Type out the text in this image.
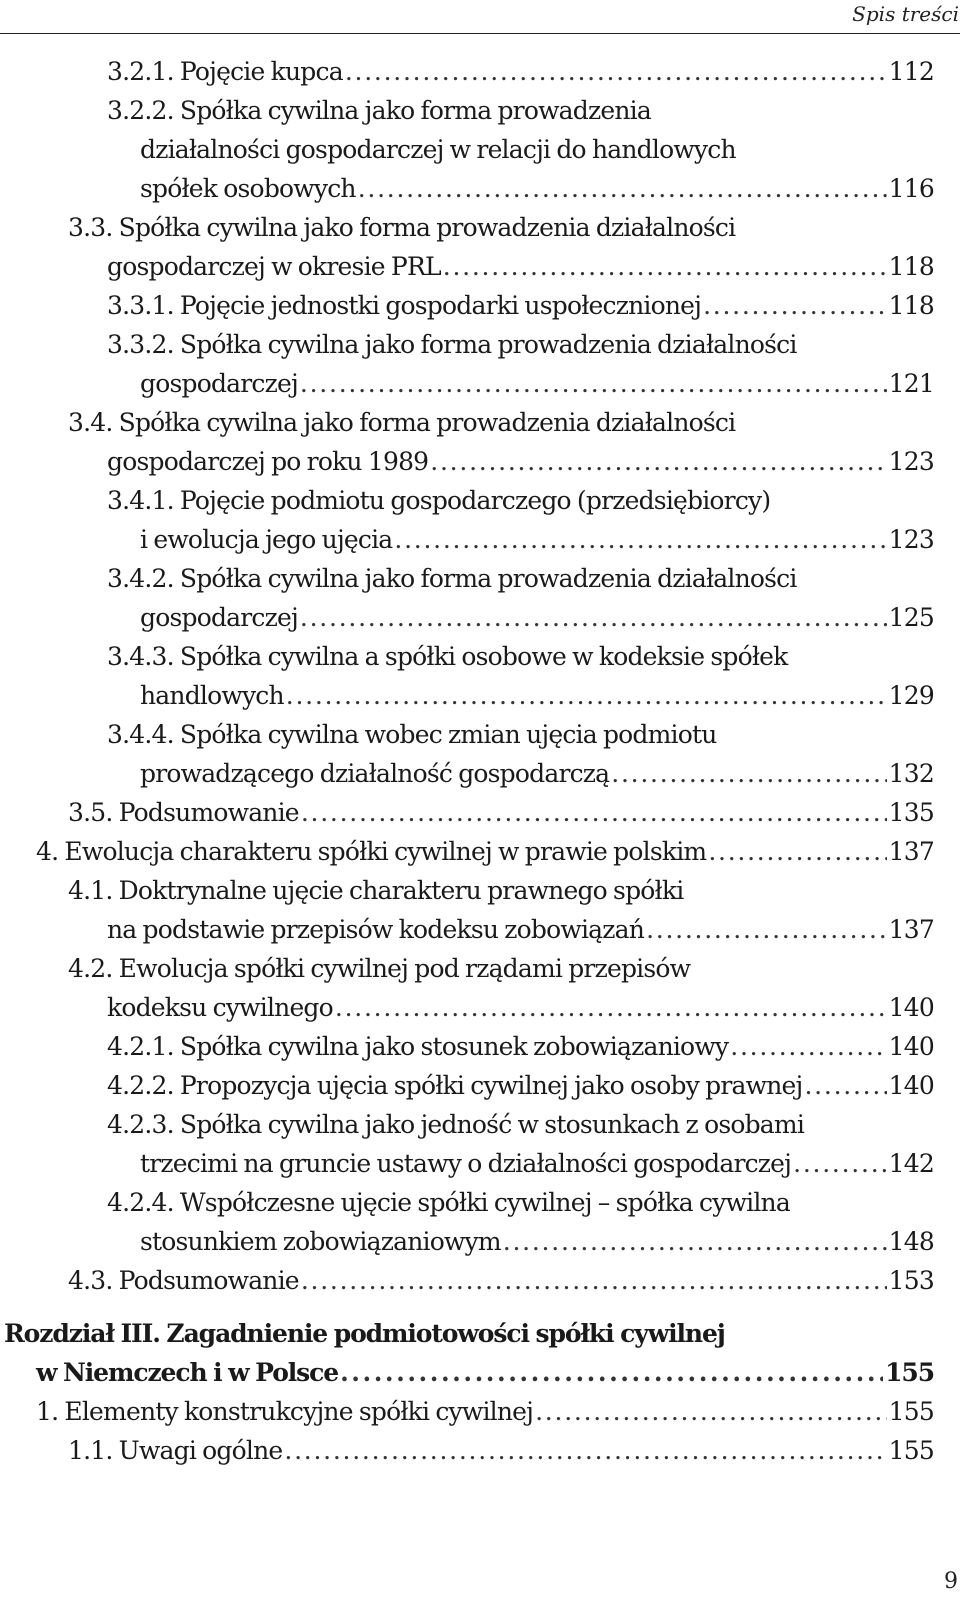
Spis treści
3.2.1. Pojęcie kupca . . .	112
3.2.2. Spółka cywilna jako forma prowadzenia
działalności gospodarczej w relacji do handlowych
spółek osobowych . . .	116
3.3. Spółka cywilna jako forma prowadzenia działalności
gospodarczej w okresie PRL . . .	118
3.3.1. Pojęcie jednostki gospodarki uspołecznionej . . .	118
3.3.2. Spółka cywilna jako forma prowadzenia działalności
gospodarczej . . .	121
3.4. Spółka cywilna jako forma prowadzenia działalności
gospodarczej po roku 1989 . . .	123
3.4.1. Pojęcie podmiotu gospodarczego (przedsiębiorcy)
i ewolucja jego ujęcia . . .	123
3.4.2. Spółka cywilna jako forma prowadzenia działalności
gospodarczej . . .	125
3.4.3. Spółka cywilna a spółki osobowe w kodeksie spółek
handlowych . . .	129
3.4.4. Spółka cywilna wobec zmian ujęcia podmiotu
prowadzącego działalność gospodarczą . . .	132
3.5. Podsumowanie . . .	135
4. Ewolucja charakteru spółki cywilnej w prawie polskim . . .	137
4.1. Doktrynalne ujęcie charakteru prawnego spółki
na podstawie przepisów kodeksu zobowiązań . . .	137
4.2. Ewolucja spółki cywilnej pod rządami przepisów
kodeksu cywilnego . . .	140
4.2.1. Spółka cywilna jako stosunek zobowiązaniowy . . .	140
4.2.2. Propozycja ujęcia spółki cywilnej jako osoby prawnej . . .	140
4.2.3. Spółka cywilna jako jedność w stosunkach z osobami
trzecimi na gruncie ustawy o działalności gospodarczej . . .	142
4.2.4. Współczesne ujęcie spółki cywilnej – spółka cywilna
stosunkiem zobowiązaniowym . . .	148
4.3. Podsumowanie . . .	153
Rozdział III. Zagadnienie podmiotowości spółki cywilnej
w Niemczech i w Polsce . . .	155
1. Elementy konstrukcyjne spółki cywilnej . . .	155
1.1. Uwagi ogólne . . .	155
9
